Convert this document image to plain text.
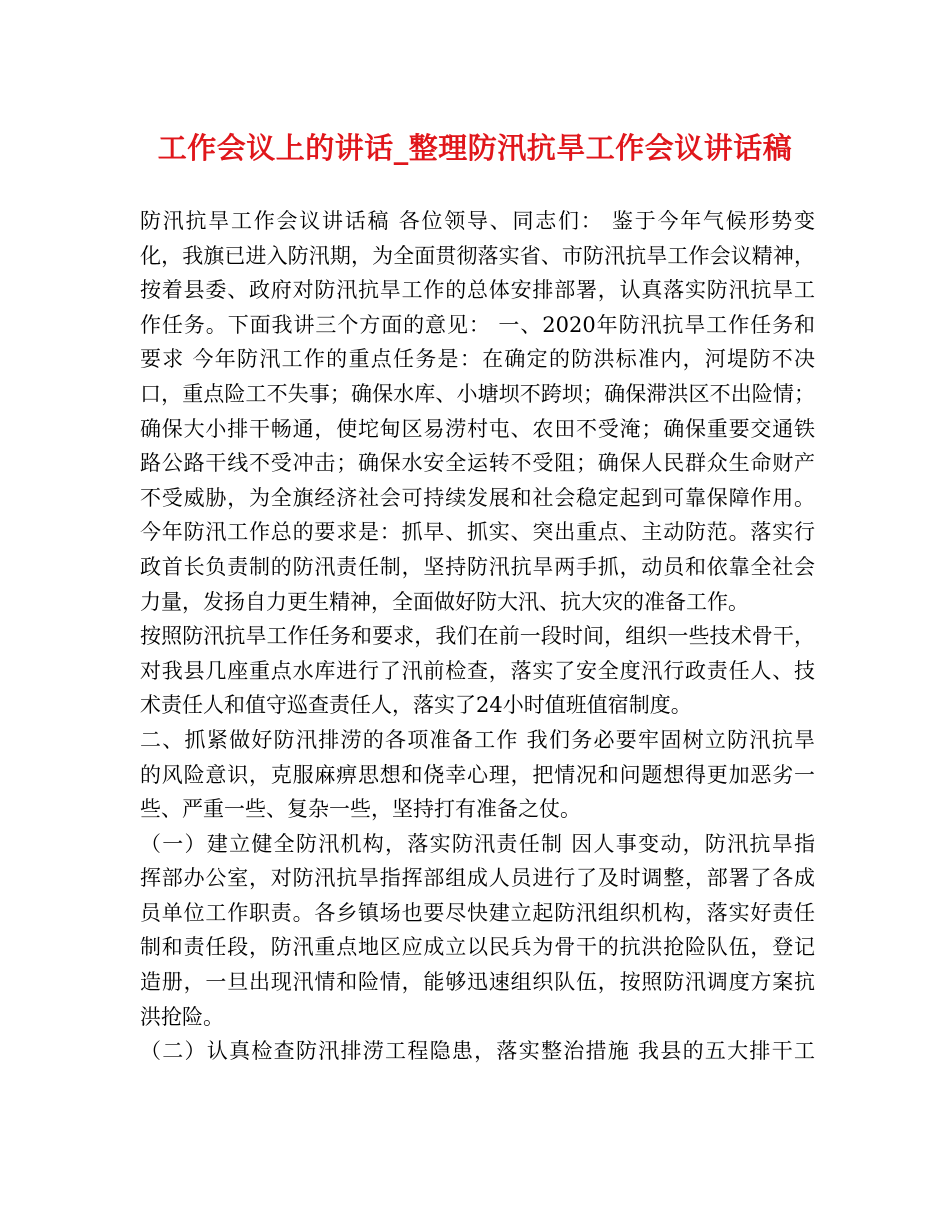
工作会议上的讲话_整理防汛抗旱工作会议讲话稿
防汛抗旱工作会议讲话稿 各位领导、同志们： 鉴于今年气候形势变
化，我旗已进入防汛期，为全面贯彻落实省、市防汛抗旱工作会议精神，
按着县委、政府对防汛抗旱工作的总体安排部署，认真落实防汛抗旱工
作任务。下面我讲三个方面的意见： 一、2020年防汛抗旱工作任务和
要求 今年防汛工作的重点任务是：在确定的防洪标准内，河堤防不决
口，重点险工不失事；确保水库、小塘坝不跨坝；确保滞洪区不出险情；
确保大小排干畅通，使坨甸区易涝村屯、农田不受淹；确保重要交通铁
路公路干线不受冲击；确保水安全运转不受阻；确保人民群众生命财产
不受威胁，为全旗经济社会可持续发展和社会稳定起到可靠保障作用。
今年防汛工作总的要求是：抓早、抓实、突出重点、主动防范。落实行
政首长负责制的防汛责任制，坚持防汛抗旱两手抓，动员和依靠全社会
力量，发扬自力更生精神，全面做好防大汛、抗大灾的准备工作。
按照防汛抗旱工作任务和要求，我们在前一段时间，组织一些技术骨干，
对我县几座重点水库进行了汛前检查，落实了安全度汛行政责任人、技
术责任人和值守巡查责任人，落实了24小时值班值宿制度。
二、抓紧做好防汛排涝的各项准备工作 我们务必要牢固树立防汛抗旱
的风险意识，克服麻痹思想和侥幸心理，把情况和问题想得更加恶劣一
些、严重一些、复杂一些，坚持打有准备之仗。
（一）建立健全防汛机构，落实防汛责任制 因人事变动，防汛抗旱指
挥部办公室，对防汛抗旱指挥部组成人员进行了及时调整，部署了各成
员单位工作职责。各乡镇场也要尽快建立起防汛组织机构，落实好责任
制和责任段，防汛重点地区应成立以民兵为骨干的抗洪抢险队伍，登记
造册，一旦出现汛情和险情，能够迅速组织队伍，按照防汛调度方案抗
洪抢险。
（二）认真检查防汛排涝工程隐患，落实整治措施 我县的五大排干工
